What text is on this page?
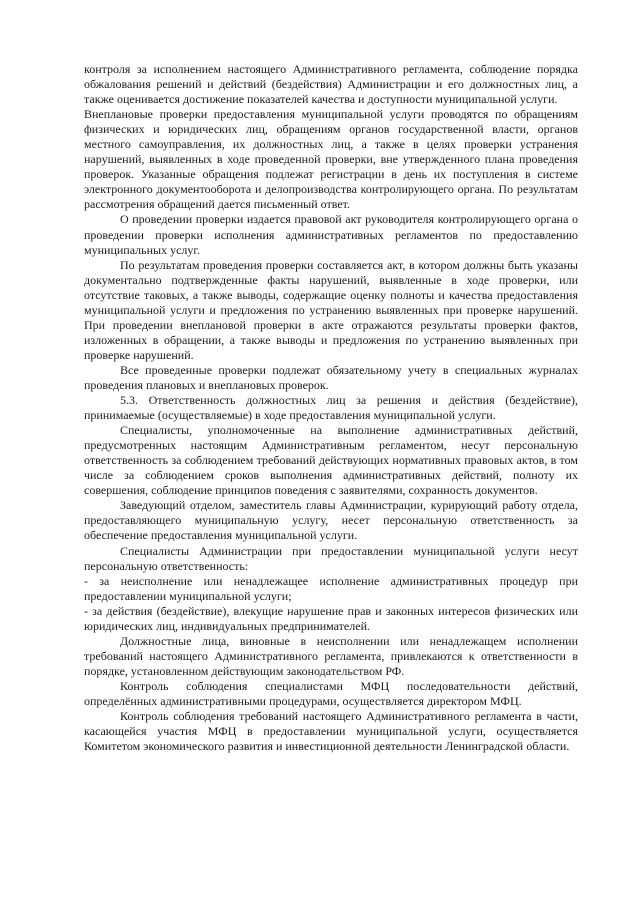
контроля за исполнением настоящего Административного регламента, соблюдение порядка обжалования решений и действий (бездействия) Администрации и его должностных лиц, а также оценивается достижение показателей качества и доступности муниципальной услуги.

Внеплановые проверки предоставления муниципальной услуги проводятся по обращениям физических и юридических лиц, обращениям органов государственной власти, органов местного самоуправления, их должностных лиц, а также в целях проверки устранения нарушений, выявленных в ходе проведенной проверки, вне утвержденного плана проведения проверок. Указанные обращения подлежат регистрации в день их поступления в системе электронного документооборота и делопроизводства контролирующего органа. По результатам рассмотрения обращений дается письменный ответ.

О проведении проверки издается правовой акт руководителя контролирующего органа о проведении проверки исполнения административных регламентов по предоставлению муниципальных услуг.

По результатам проведения проверки составляется акт, в котором должны быть указаны документально подтвержденные факты нарушений, выявленные в ходе проверки, или отсутствие таковых, а также выводы, содержащие оценку полноты и качества предоставления муниципальной услуги и предложения по устранению выявленных при проверке нарушений. При проведении внеплановой проверки в акте отражаются результаты проверки фактов, изложенных в обращении, а также выводы и предложения по устранению выявленных при проверке нарушений.

Все проведенные проверки подлежат обязательному учету в специальных журналах проведения плановых и внеплановых проверок.

5.3. Ответственность должностных лиц за решения и действия (бездействие), принимаемые (осуществляемые) в ходе предоставления муниципальной услуги.

Специалисты, уполномоченные на выполнение административных действий, предусмотренных настоящим Административным регламентом, несут персональную ответственность за соблюдением требований действующих нормативных правовых актов, в том числе за соблюдением сроков выполнения административных действий, полноту их совершения, соблюдение принципов поведения с заявителями, сохранность документов.

Заведующий отделом, заместитель главы Администрации, курирующий работу отдела, предоставляющего муниципальную услугу, несет персональную ответственность за обеспечение предоставления муниципальной услуги.

Специалисты Администрации при предоставлении муниципальной услуги несут персональную ответственность:

- за неисполнение или ненадлежащее исполнение административных процедур при предоставлении муниципальной услуги;

- за действия (бездействие), влекущие нарушение прав и законных интересов физических или юридических лиц, индивидуальных предпринимателей.

Должностные лица, виновные в неисполнении или ненадлежащем исполнении требований настоящего Административного регламента, привлекаются к ответственности в порядке, установленном действующим законодательством РФ.

Контроль соблюдения специалистами МФЦ последовательности действий, определённых административными процедурами, осуществляется директором МФЦ.

Контроль соблюдения требований настоящего Административного регламента в части, касающейся участия МФЦ в предоставлении муниципальной услуги, осуществляется Комитетом экономического развития и инвестиционной деятельности Ленинградской области.
